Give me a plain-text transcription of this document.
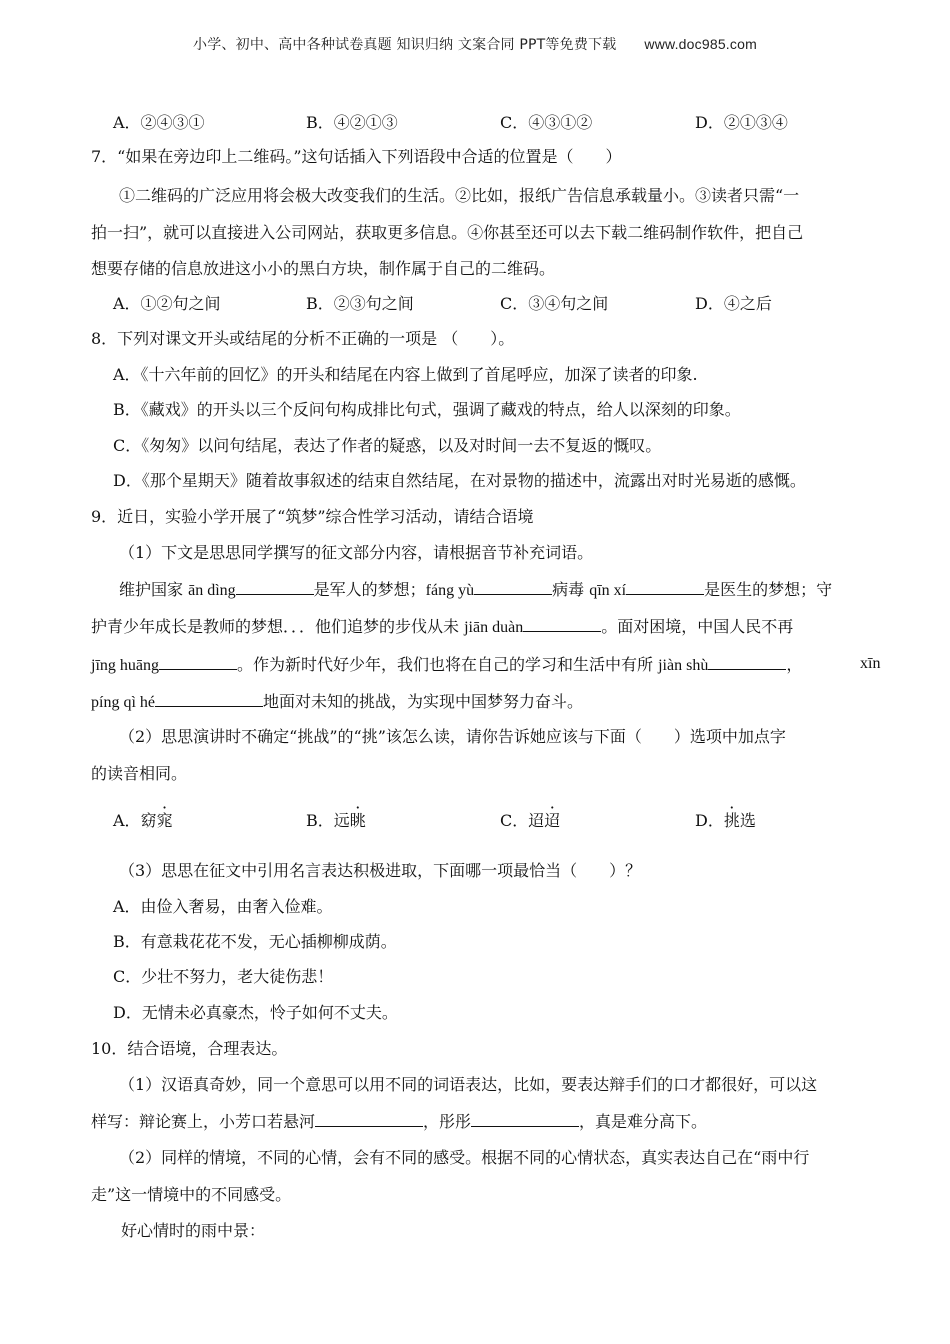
小学、初中、高中各种试卷真题 知识归纳 文案合同 PPT等免费下载 www.doc985.com
A．②④③①	B．④②①③	C．④③①②	D．②①③④
7．“如果在旁边印上二维码。”这句话插入下列语段中合适的位置是（　　）
①二维码的广泛应用将会极大改变我们的生活。②比如，报纸广告信息承载量小。③读者只需“一
拍一扫”，就可以直接进入公司网站，获取更多信息。④你甚至还可以去下载二维码制作软件，把自己
想要存储的信息放进这小小的黑白方块，制作属于自己的二维码。
A．①②句之间	B．②③句之间	C．③④句之间	D．④之后
8．下列对课文开头或结尾的分析不正确的一项是 （　　）。
A．《十六年前的回忆》的开头和结尾在内容上做到了首尾呼应，加深了读者的印象.
B．《藏戏》的开头以三个反问句构成排比句式，强调了藏戏的特点，给人以深刻的印象。
C．《匆匆》以问句结尾，表达了作者的疑惑，以及对时间一去不复返的慨叹。
D．《那个星期天》随着故事叙述的结束自然结尾，在对景物的描述中，流露出对时光易逝的感慨。
9．近日，实验小学开展了“筑梦”综合性学习活动，请结合语境
（1）下文是思思同学撰写的征文部分内容，请根据音节补充词语。
维护国家 ān dìng	是军人的梦想；fáng yù	病毒 qīn xí	是医生的梦想；守
护青少年成长是教师的梦想．．．他们追梦的步伐从未 jiān duàn	。面对困境，中国人民不再
jīng huāng	。作为新时代好少年，我们也将在自己的学习和生活中有所 jiàn shù	，	xīn
píng qì hé	地面对未知的挑战，为实现中国梦努力奋斗。
（2）思思演讲时不确定“挑战”的“挑”该怎么读，请你告诉她应该与下面（　　）选项中加点字
的读音相同。
A．窈窕	B．远眺	C．迢迢	D．挑选
（3）思思在征文中引用名言表达积极进取，下面哪一项最恰当（　　）？
A．由俭入奢易，由奢入俭难。
B．有意栽花花不发，无心插柳柳成荫。
C．少壮不努力，老大徒伤悲！
D．无情未必真豪杰，怜子如何不丈夫。
10．结合语境，合理表达。
（1）汉语真奇妙，同一个意思可以用不同的词语表达，比如，要表达辩手们的口才都很好，可以这
样写：辩论赛上，小芳口若悬河	，彤彤	，真是难分高下。
（2）同样的情境，不同的心情，会有不同的感受。根据不同的心情状态，真实表达自己在“雨中行
走”这一情境中的不同感受。
好心情时的雨中景：
